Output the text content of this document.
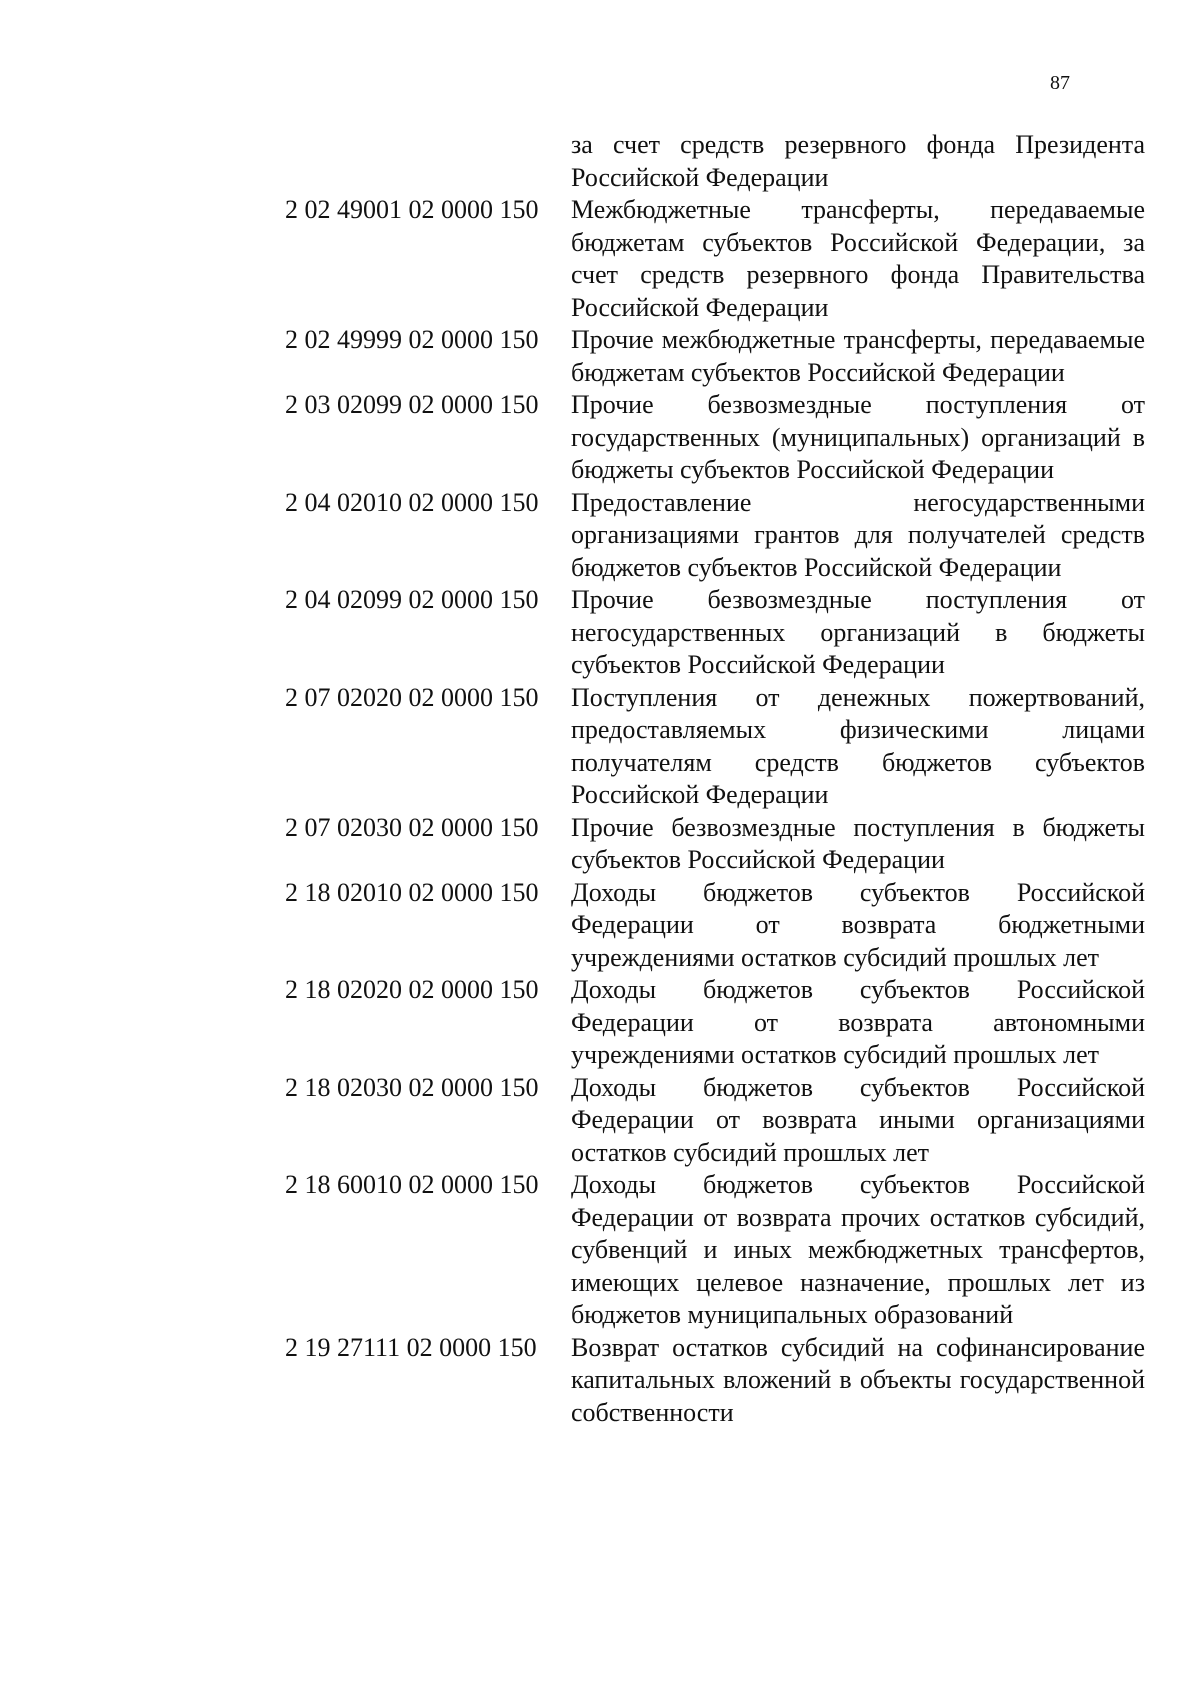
87
за счет средств резервного фонда Президента Российской Федерации
2 02 49001 02 0000 150	Межбюджетные трансферты, передаваемые бюджетам субъектов Российской Федерации, за счет средств резервного фонда Правительства Российской Федерации
2 02 49999 02 0000 150	Прочие межбюджетные трансферты, передаваемые бюджетам субъектов Российской Федерации
2 03 02099 02 0000 150	Прочие безвозмездные поступления от государственных (муниципальных) организаций в бюджеты субъектов Российской Федерации
2 04 02010 02 0000 150	Предоставление негосударственными организациями грантов для получателей средств бюджетов субъектов Российской Федерации
2 04 02099 02 0000 150	Прочие безвозмездные поступления от негосударственных организаций в бюджеты субъектов Российской Федерации
2 07 02020 02 0000 150	Поступления от денежных пожертвований, предоставляемых физическими лицами получателям средств бюджетов субъектов Российской Федерации
2 07 02030 02 0000 150	Прочие безвозмездные поступления в бюджеты субъектов Российской Федерации
2 18 02010 02 0000 150	Доходы бюджетов субъектов Российской Федерации от возврата бюджетными учреждениями остатков субсидий прошлых лет
2 18 02020 02 0000 150	Доходы бюджетов субъектов Российской Федерации от возврата автономными учреждениями остатков субсидий прошлых лет
2 18 02030 02 0000 150	Доходы бюджетов субъектов Российской Федерации от возврата иными организациями остатков субсидий прошлых лет
2 18 60010 02 0000 150	Доходы бюджетов субъектов Российской Федерации от возврата прочих остатков субсидий, субвенций и иных межбюджетных трансфертов, имеющих целевое назначение, прошлых лет из бюджетов муниципальных образований
2 19 27111 02 0000 150	Возврат остатков субсидий на софинансирование капитальных вложений в объекты государственной собственности
